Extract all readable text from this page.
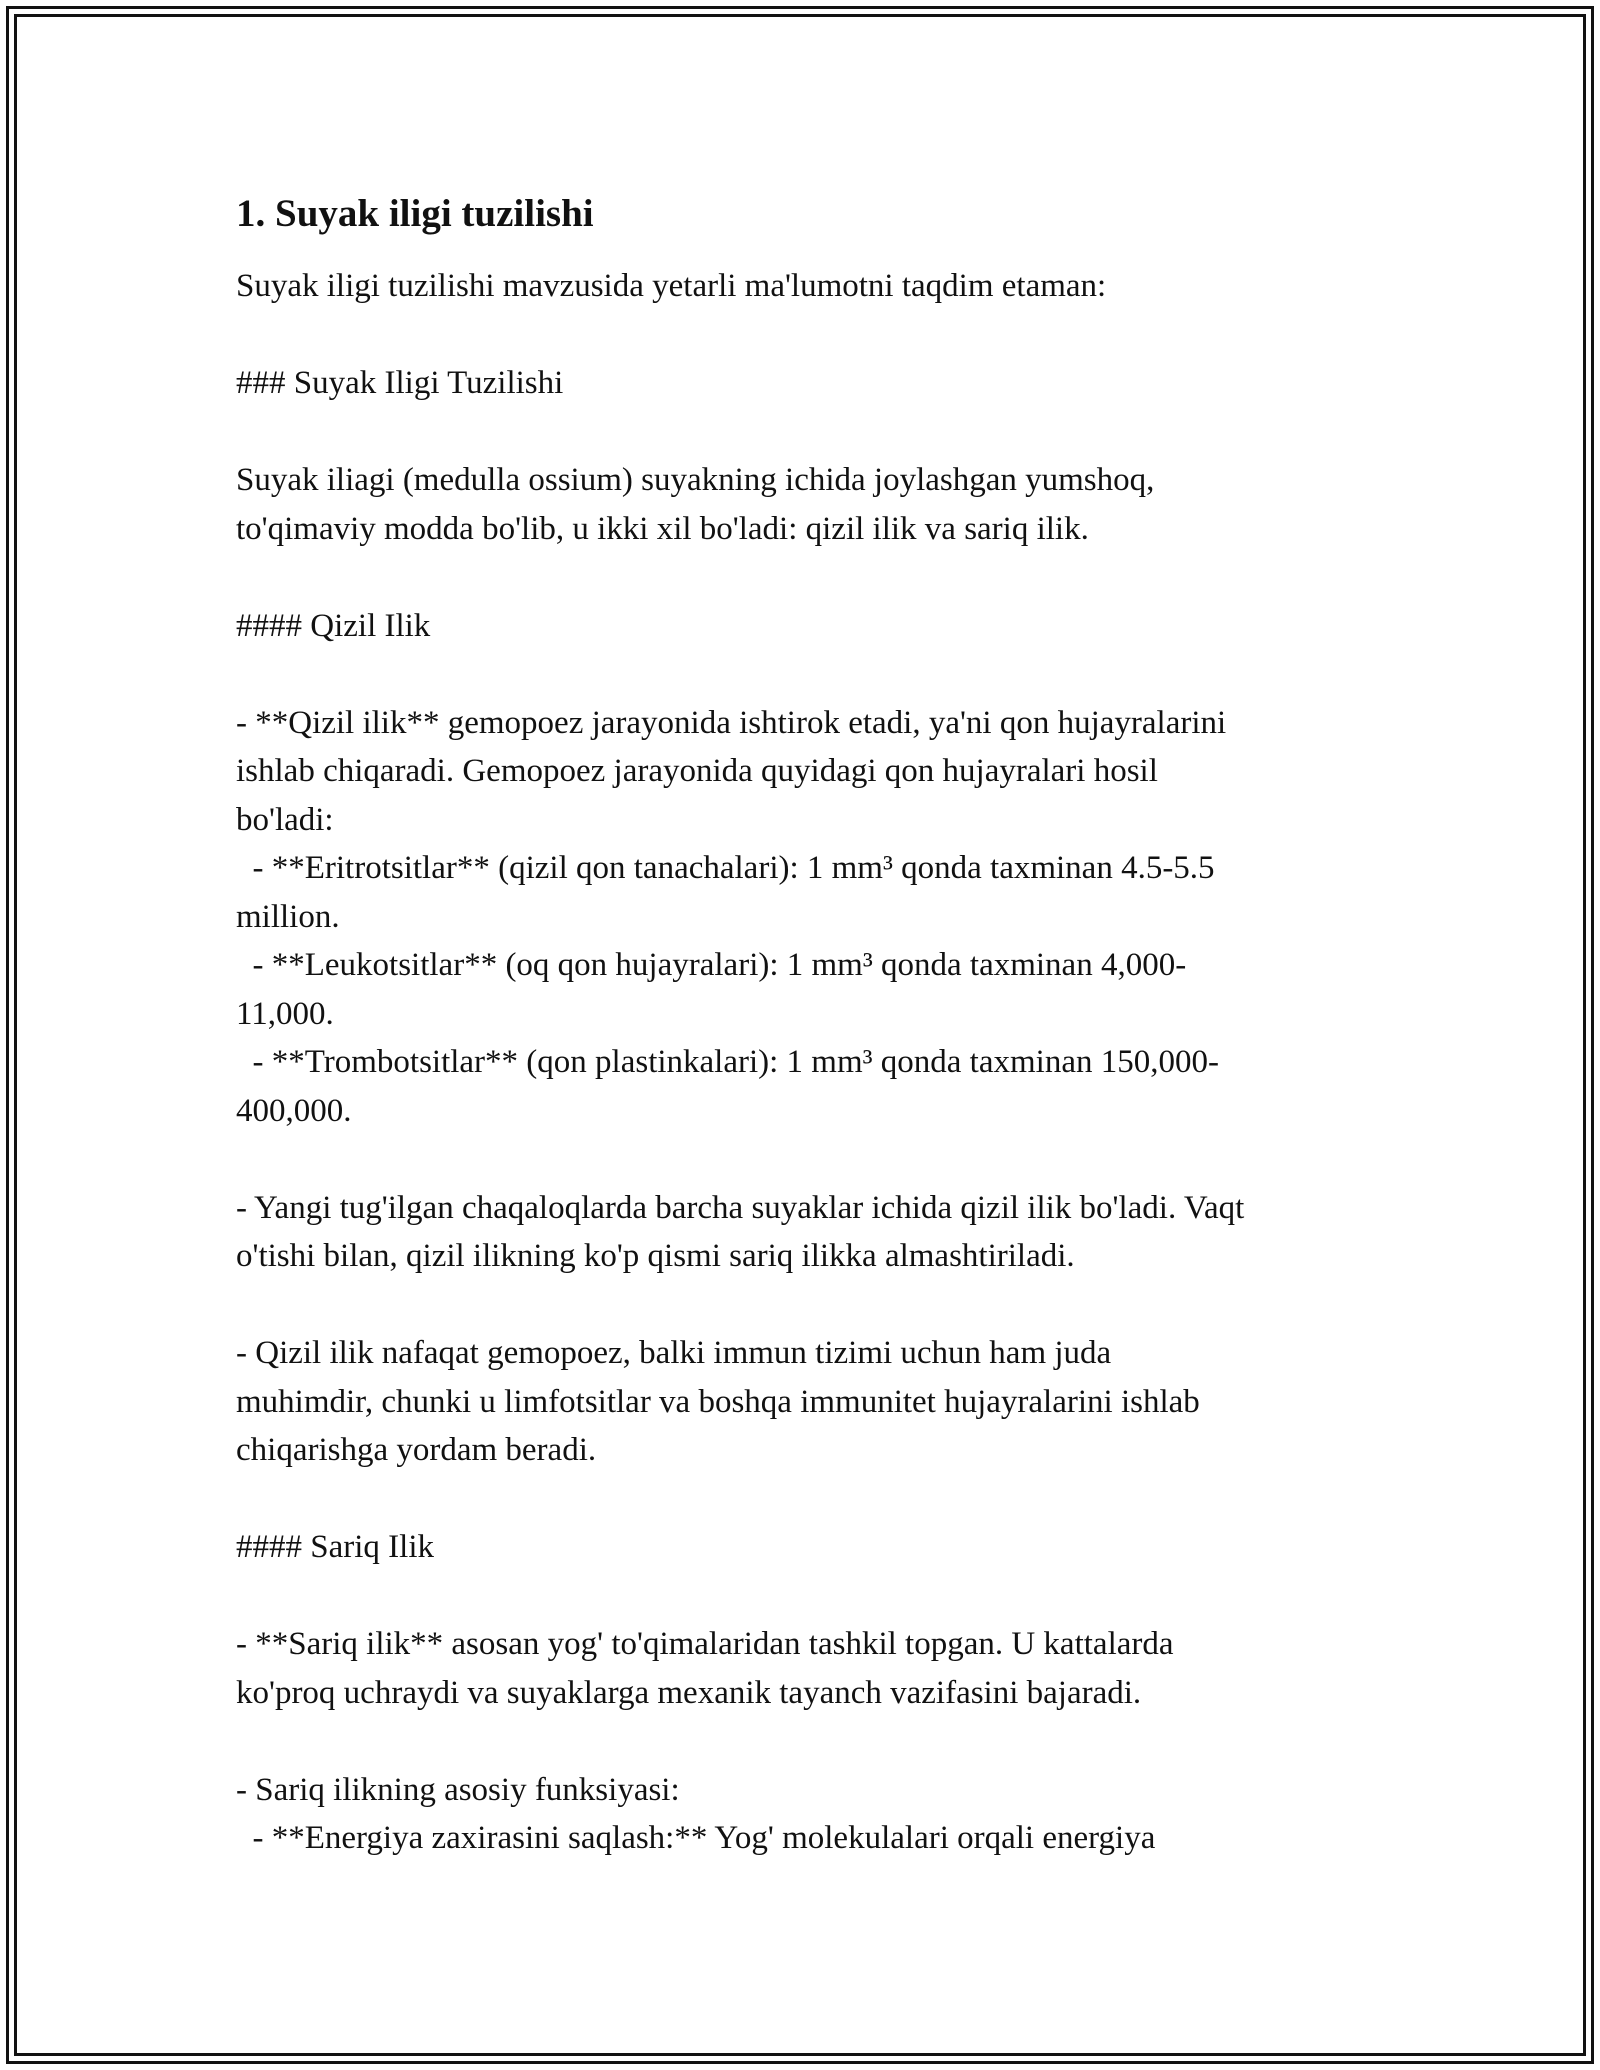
1. Suyak iligi tuzilishi

Suyak iligi tuzilishi mavzusida yetarli ma'lumotni taqdim etaman:

### Suyak Iligi Tuzilishi

Suyak iliagi (medulla ossium) suyakning ichida joylashgan yumshoq,
to'qimaviy modda bo'lib, u ikki xil bo'ladi: qizil ilik va sariq ilik.

#### Qizil Ilik

- **Qizil ilik** gemopoez jarayonida ishtirok etadi, ya'ni qon hujayralarini
ishlab chiqaradi. Gemopoez jarayonida quyidagi qon hujayralari hosil
bo'ladi:

- **Eritrotsitlar** (qizil qon tanachalari): 1 mm³ qonda taxminan 4.5-5.5
million.

- **Leukotsitlar** (oq qon hujayralari): 1 mm³ qonda taxminan 4,000-
11,000.

- **Trombotsitlar** (qon plastinkalari): 1 mm³ qonda taxminan 150,000-
400,000.

- Yangi tug'ilgan chaqaloqlarda barcha suyaklar ichida qizil ilik bo'ladi. Vaqt
o'tishi bilan, qizil ilikning ko'p qismi sariq ilikka almashtiriladi.

- Qizil ilik nafaqat gemopoez, balki immun tizimi uchun ham juda
muhimdir, chunki u limfotsitlar va boshqa immunitet hujayralarini ishlab
chiqarishga yordam beradi.

#### Sariq Ilik

- **Sariq ilik** asosan yog' to'qimalaridan tashkil topgan. U kattalarda
ko'proq uchraydi va suyaklarga mexanik tayanch vazifasini bajaradi.

- Sariq ilikning asosiy funksiyasi:

- **Energiya zaxirasini saqlash:** Yog' molekulalari orqali energiya
